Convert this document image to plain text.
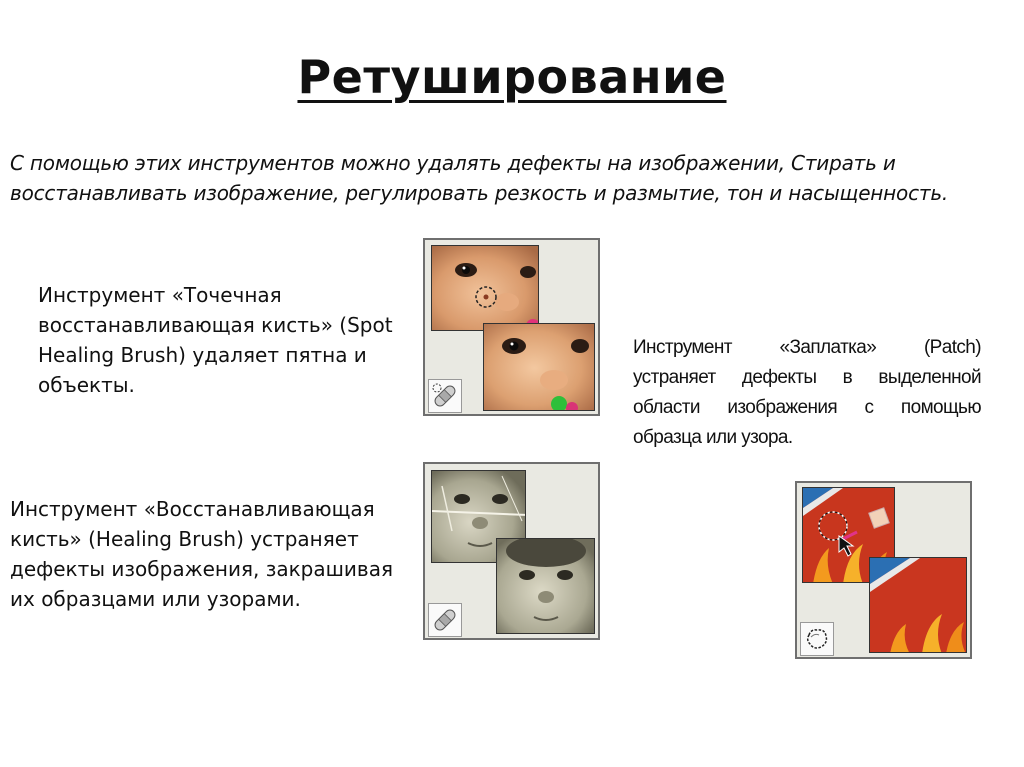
Ретуширование
С помощью этих инструментов можно удалять дефекты на изображении, Стирать и восстанавливать изображение, регулировать резкость и размытие, тон и насыщенность.
Инструмент «Точечная восстанавливающая кисть» (Spot Healing Brush) удаляет пятна и объекты.
Инструмент «Восстанавливающая кисть» (Healing Brush) устраняет дефекты изображения, закрашивая их образцами или узорами.
Инструмент «Заплатка» (Patch) устраняет дефекты в выделенной области изображения с помощью образца или узора.
